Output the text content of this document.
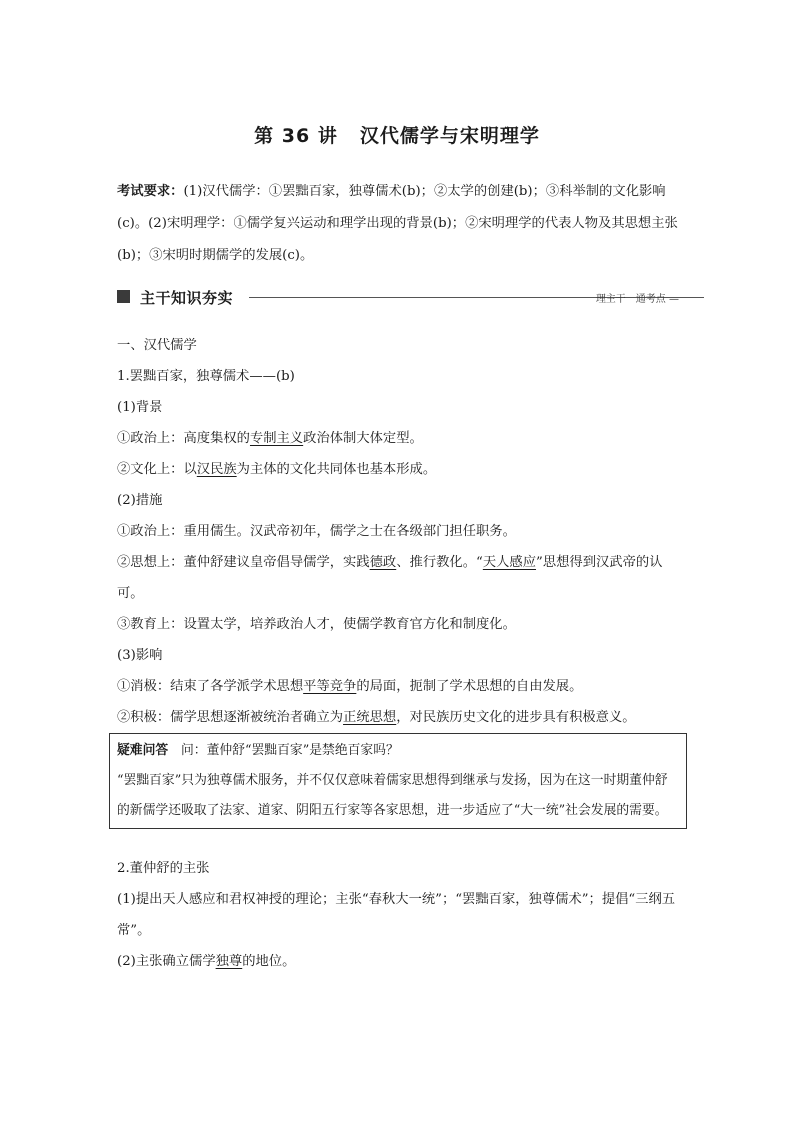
第 36 讲 汉代儒学与宋明理学
考试要求：(1)汉代儒学：①罢黜百家，独尊儒术(b)；②太学的创建(b)；③科举制的文化影响(c)。(2)宋明理学：①儒学复兴运动和理学出现的背景(b)；②宋明理学的代表人物及其思想主张(b)；③宋明时期儒学的发展(c)。
主干知识夯实	理主干　通考点 —

一、汉代儒学

1.罢黜百家，独尊儒术——(b)

(1)背景

①政治上：高度集权的专制主义政治体制大体定型。

②文化上：以汉民族为主体的文化共同体也基本形成。

(2)措施

①政治上：重用儒生。汉武帝初年，儒学之士在各级部门担任职务。

②思想上：董仲舒建议皇帝倡导儒学，实践德政、推行教化。“天人感应”思想得到汉武帝的认可。

③教育上：设置太学，培养政治人才，使儒学教育官方化和制度化。

(3)影响

①消极：结束了各学派学术思想平等竞争的局面，扼制了学术思想的自由发展。

②积极：儒学思想逐渐被统治者确立为正统思想，对民族历史文化的进步具有积极意义。

疑难问答　 问：董仲舒“罢黜百家”是禁绝百家吗？
“罢黜百家”只为独尊儒术服务，并不仅仅意味着儒家思想得到继承与发扬，因为在这一时期董仲舒的新儒学还吸取了法家、道家、阴阳五行家等各家思想，进一步适应了“大一统”社会发展的需要。

2.董仲舒的主张

(1)提出天人感应和君权神授的理论；主张“春秋大一统”；“罢黜百家，独尊儒术”；提倡“三纲五常”。

(2)主张确立儒学独尊的地位。
